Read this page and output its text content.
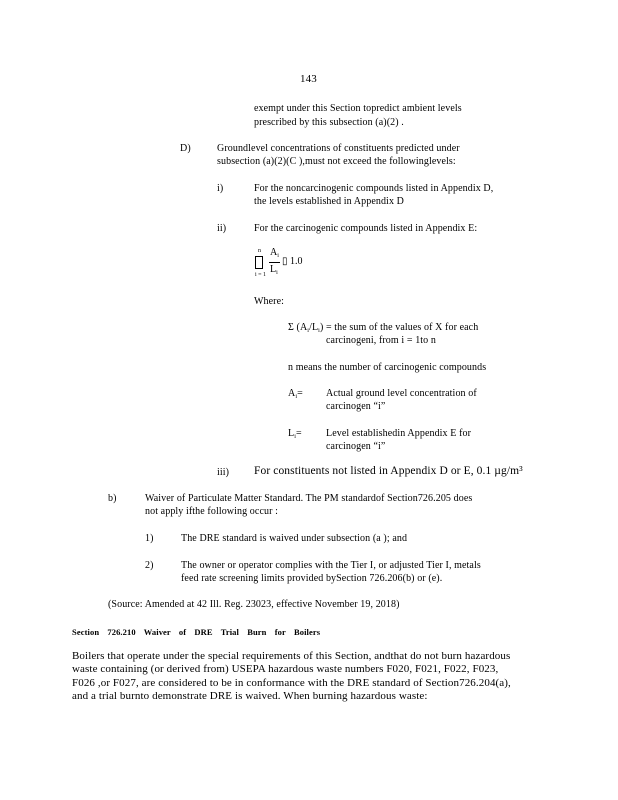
143
exempt under this Section topredict ambient levels
prescribed by this subsection (a)(2) .
D)	Groundlevel concentrations of constituents predicted under
subsection (a)(2)(C ),must not exceed the followinglevels:
i)	For the noncarcinogenic compounds listed in Appendix D,
the levels established in Appendix D
ii)	For the carcinogenic compounds listed in Appendix E:
n
i = 1
$A_i$
$L_i$
▯ 1.0
Where:
Σ $(A_i/L_i)$ = the sum of the values of X for each
carcinogeni, from i = 1to n
n means the number of carcinogenic compounds
$A_i=$ Actual ground level concentration of
carcinogen “i”
$L_i=$ Level establishedin Appendix E for
carcinogen “i”
iii) For constituents not listed in Appendix D or E, 0.1 µg/m³
b)	Waiver of Particulate Matter Standard. The PM standardof Section726.205 does
not apply ifthe following occur :
1)	The DRE standard is waived under subsection (a ); and
2)	The owner or operator complies with the Tier I, or adjusted Tier I, metals
feed rate screening limits provided bySection 726.206(b) or (e).
(Source: Amended at 42 Ill. Reg. 23023, effective November 19, 2018)
Section 726.210 Waiver of DRE Trial Burn for Boilers
Boilers that operate under the special requirements of this Section, andthat do not burn hazardous
waste containing (or derived from) USEPA hazardous waste numbers F020, F021, F022, F023,
F026 ,or F027, are considered to be in conformance with the DRE standard of Section726.204(a),
and a trial burnto demonstrate DRE is waived. When burning hazardous waste:
